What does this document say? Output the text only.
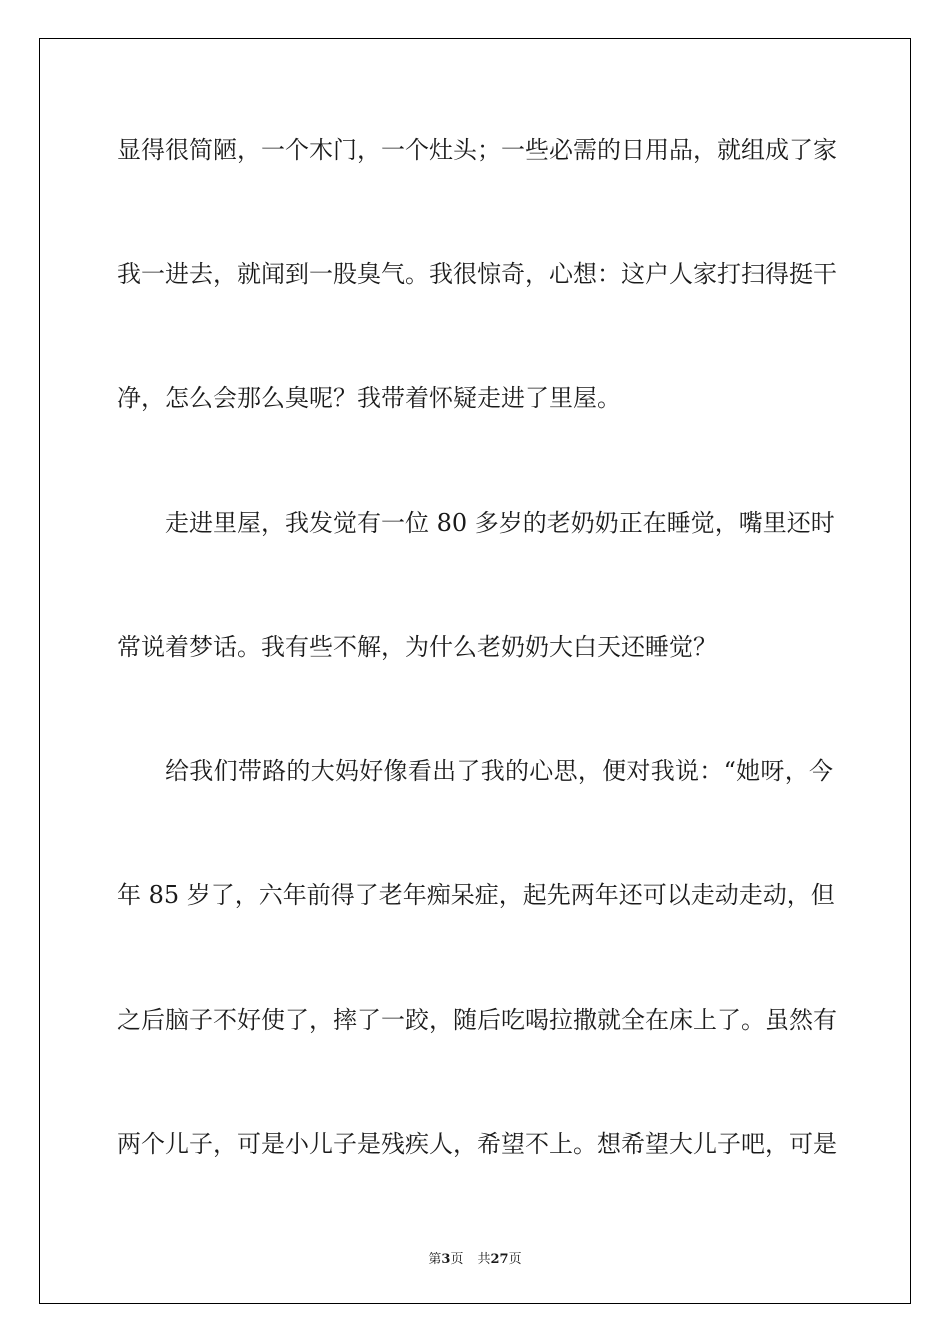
显得很简陋，一个木门，一个灶头；一些必需的日用品，就组成了家
我一进去，就闻到一股臭气。我很惊奇，心想：这户人家打扫得挺干
净，怎么会那么臭呢？我带着怀疑走进了里屋。
走进里屋，我发觉有一位 80 多岁的老奶奶正在睡觉，嘴里还时
常说着梦话。我有些不解，为什么老奶奶大白天还睡觉？
给我们带路的大妈好像看出了我的心思，便对我说：“她呀，今
年 85 岁了，六年前得了老年痴呆症，起先两年还可以走动走动，但
之后脑子不好使了，摔了一跤，随后吃喝拉撒就全在床上了。虽然有
两个儿子，可是小儿子是残疾人，希望不上。想希望大儿子吧，可是
第3页 共27页
